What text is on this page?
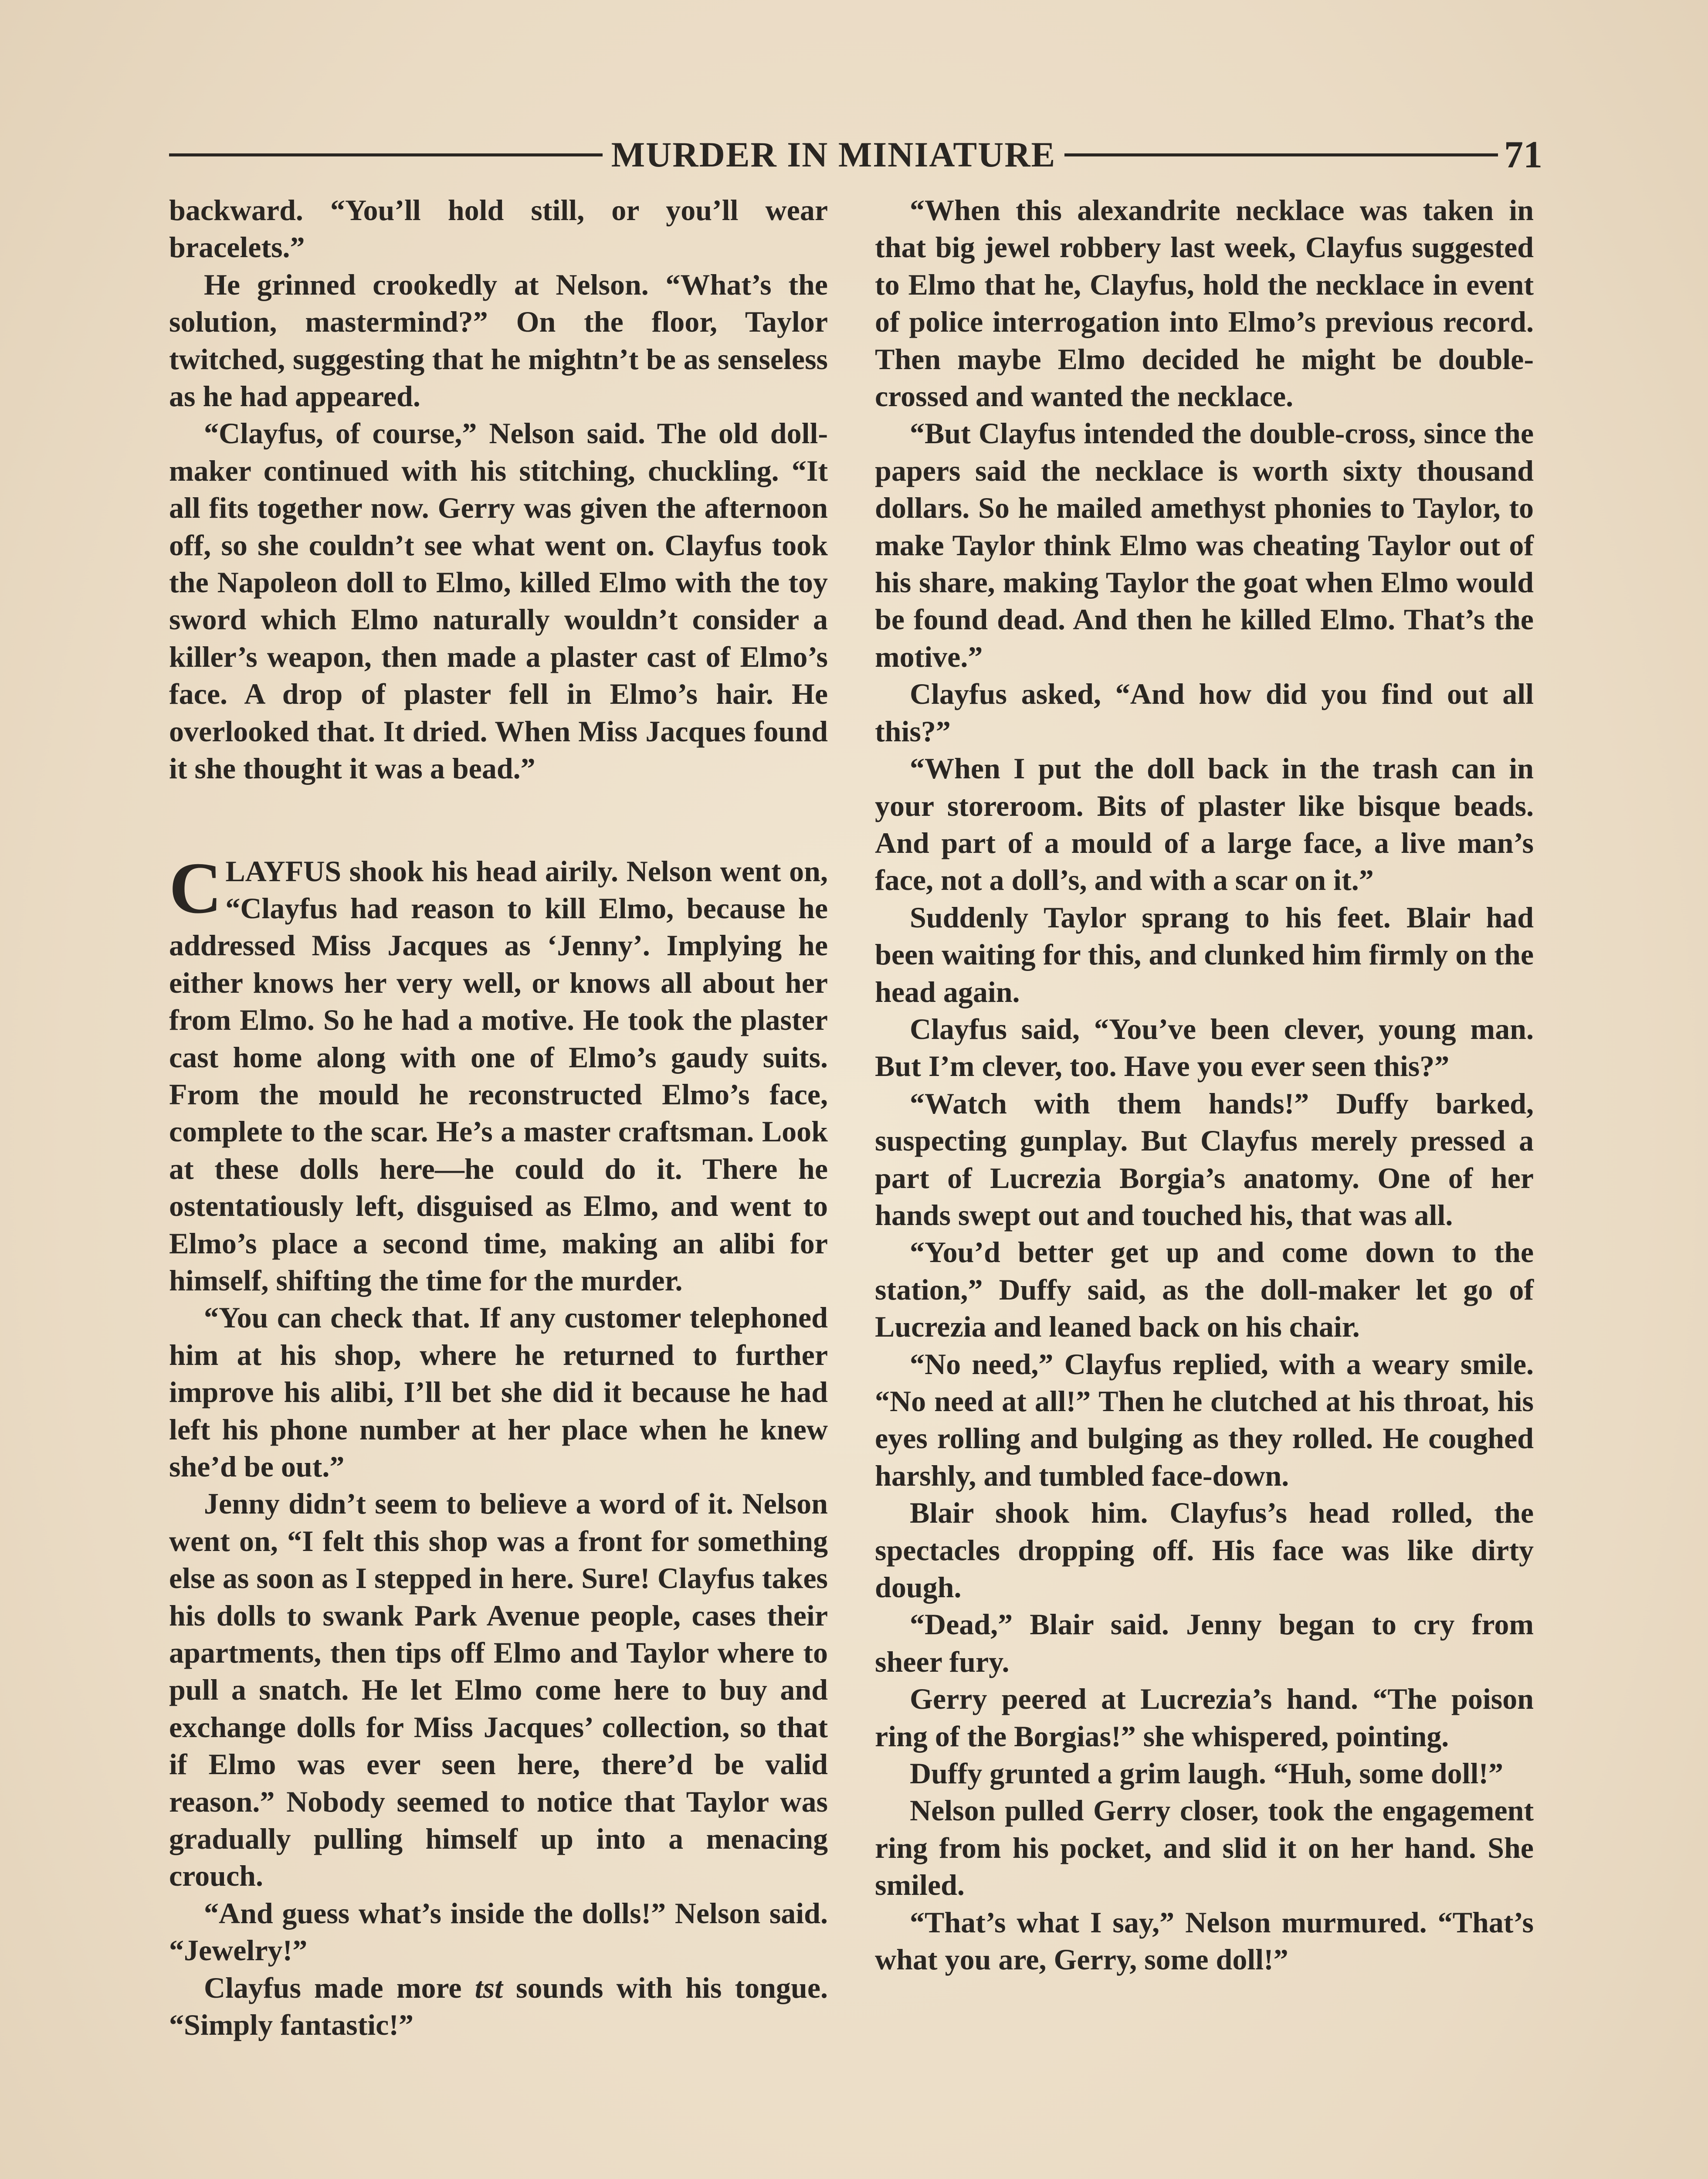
MURDER IN MINIATURE	71

backward. “You’ll hold still, or you’ll wear bracelets.”

He grinned crookedly at Nelson. “What’s the solution, mastermind?” On the floor, Taylor twitched, suggesting that he mightn’t be as senseless as he had appeared.

“Clayfus, of course,” Nelson said. The old doll-maker continued with his stitching, chuckling. “It all fits together now. Gerry was given the afternoon off, so she couldn’t see what went on. Clayfus took the Napoleon doll to Elmo, killed Elmo with the toy sword which Elmo naturally wouldn’t consider a killer’s weapon, then made a plaster cast of Elmo’s face. A drop of plaster fell in Elmo’s hair. He overlooked that. It dried. When Miss Jacques found it she thought it was a bead.”

CLAYFUS shook his head airily. Nelson went on, “Clayfus had reason to kill Elmo, because he addressed Miss Jacques as ‘Jenny’. Implying he either knows her very well, or knows all about her from Elmo. So he had a motive. He took the plaster cast home along with one of Elmo’s gaudy suits. From the mould he reconstructed Elmo’s face, complete to the scar. He’s a master craftsman. Look at these dolls here—he could do it. There he ostentatiously left, disguised as Elmo, and went to Elmo’s place a second time, making an alibi for himself, shifting the time for the murder.

“You can check that. If any customer telephoned him at his shop, where he returned to further improve his alibi, I’ll bet she did it because he had left his phone number at her place when he knew she’d be out.”

Jenny didn’t seem to believe a word of it. Nelson went on, “I felt this shop was a front for something else as soon as I stepped in here. Sure! Clayfus takes his dolls to swank Park Avenue people, cases their apartments, then tips off Elmo and Taylor where to pull a snatch. He let Elmo come here to buy and exchange dolls for Miss Jacques’ collection, so that if Elmo was ever seen here, there’d be valid reason.” Nobody seemed to notice that Taylor was gradually pulling himself up into a menacing crouch.

“And guess what’s inside the dolls!” Nelson said. “Jewelry!”

Clayfus made more tst sounds with his tongue. “Simply fantastic!”

“When this alexandrite necklace was taken in that big jewel robbery last week, Clayfus suggested to Elmo that he, Clayfus, hold the necklace in event of police interrogation into Elmo’s previous record. Then maybe Elmo decided he might be double-crossed and wanted the necklace.

“But Clayfus intended the double-cross, since the papers said the necklace is worth sixty thousand dollars. So he mailed amethyst phonies to Taylor, to make Taylor think Elmo was cheating Taylor out of his share, making Taylor the goat when Elmo would be found dead. And then he killed Elmo. That’s the motive.”

Clayfus asked, “And how did you find out all this?”

“When I put the doll back in the trash can in your storeroom. Bits of plaster like bisque beads. And part of a mould of a large face, a live man’s face, not a doll’s, and with a scar on it.”

Suddenly Taylor sprang to his feet. Blair had been waiting for this, and clunked him firmly on the head again.

Clayfus said, “You’ve been clever, young man. But I’m clever, too. Have you ever seen this?”

“Watch with them hands!” Duffy barked, suspecting gunplay. But Clayfus merely pressed a part of Lucrezia Borgia’s anatomy. One of her hands swept out and touched his, that was all.

“You’d better get up and come down to the station,” Duffy said, as the doll-maker let go of Lucrezia and leaned back on his chair.

“No need,” Clayfus replied, with a weary smile. “No need at all!” Then he clutched at his throat, his eyes rolling and bulging as they rolled. He coughed harshly, and tumbled face-down.

Blair shook him. Clayfus’s head rolled, the spectacles dropping off. His face was like dirty dough.

“Dead,” Blair said. Jenny began to cry from sheer fury.

Gerry peered at Lucrezia’s hand. “The poison ring of the Borgias!” she whispered, pointing.

Duffy grunted a grim laugh. “Huh, some doll!”

Nelson pulled Gerry closer, took the engagement ring from his pocket, and slid it on her hand. She smiled.

“That’s what I say,” Nelson murmured. “That’s what you are, Gerry, some doll!”
